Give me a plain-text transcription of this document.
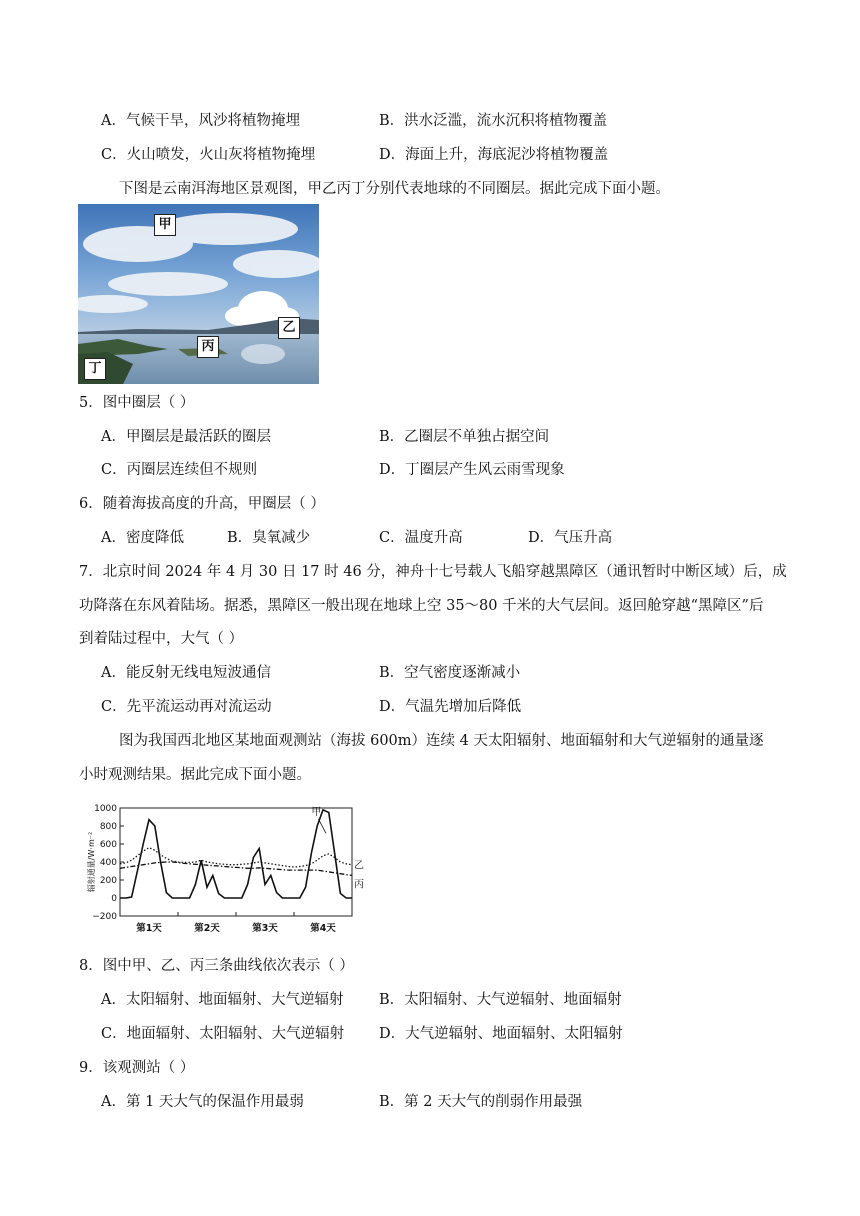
A．气候干旱，风沙将植物掩埋	B．洪水泛滥，流水沉积将植物覆盖
C．火山喷发，火山灰将植物掩埋	D．海面上升，海底泥沙将植物覆盖
下图是云南洱海地区景观图，甲乙丙丁分别代表地球的不同圈层。据此完成下面小题。
甲
乙
丙
丁
5．图中圈层（ ）
A．甲圈层是最活跃的圈层	B．乙圈层不单独占据空间
C．丙圈层连续但不规则	D．丁圈层产生风云雨雪现象
6．随着海拔高度的升高，甲圈层（ ）
A．密度降低	B．臭氧减少	C．温度升高	D．气压升高
7．北京时间 2024 年 4 月 30 日 17 时 46 分，神舟十七号载人飞船穿越黑障区（通讯暂时中断区域）后，成
功降落在东风着陆场。据悉，黑障区一般出现在地球上空 35～80 千米的大气层间。返回舱穿越“黑障区”后
到着陆过程中，大气（ ）
A．能反射无线电短波通信	B．空气密度逐渐减小
C．先平流运动再对流运动	D．气温先增加后降低
图为我国西北地区某地面观测站（海拔 600m）连续 4 天太阳辐射、地面辐射和大气逆辐射的通量逐
小时观测结果。据此完成下面小题。
1000
800
600
400
200
0
−200
辐射通量/W·m⁻²
第1天	第2天	第3天	第4天
甲
乙
丙
8．图中甲、乙、丙三条曲线依次表示（ ）
A．太阳辐射、地面辐射、大气逆辐射 B．太阳辐射、大气逆辐射、地面辐射
C．地面辐射、太阳辐射、大气逆辐射 D．大气逆辐射、地面辐射、太阳辐射
9．该观测站（ ）
A．第 1 天大气的保温作用最弱	B．第 2 天大气的削弱作用最强
